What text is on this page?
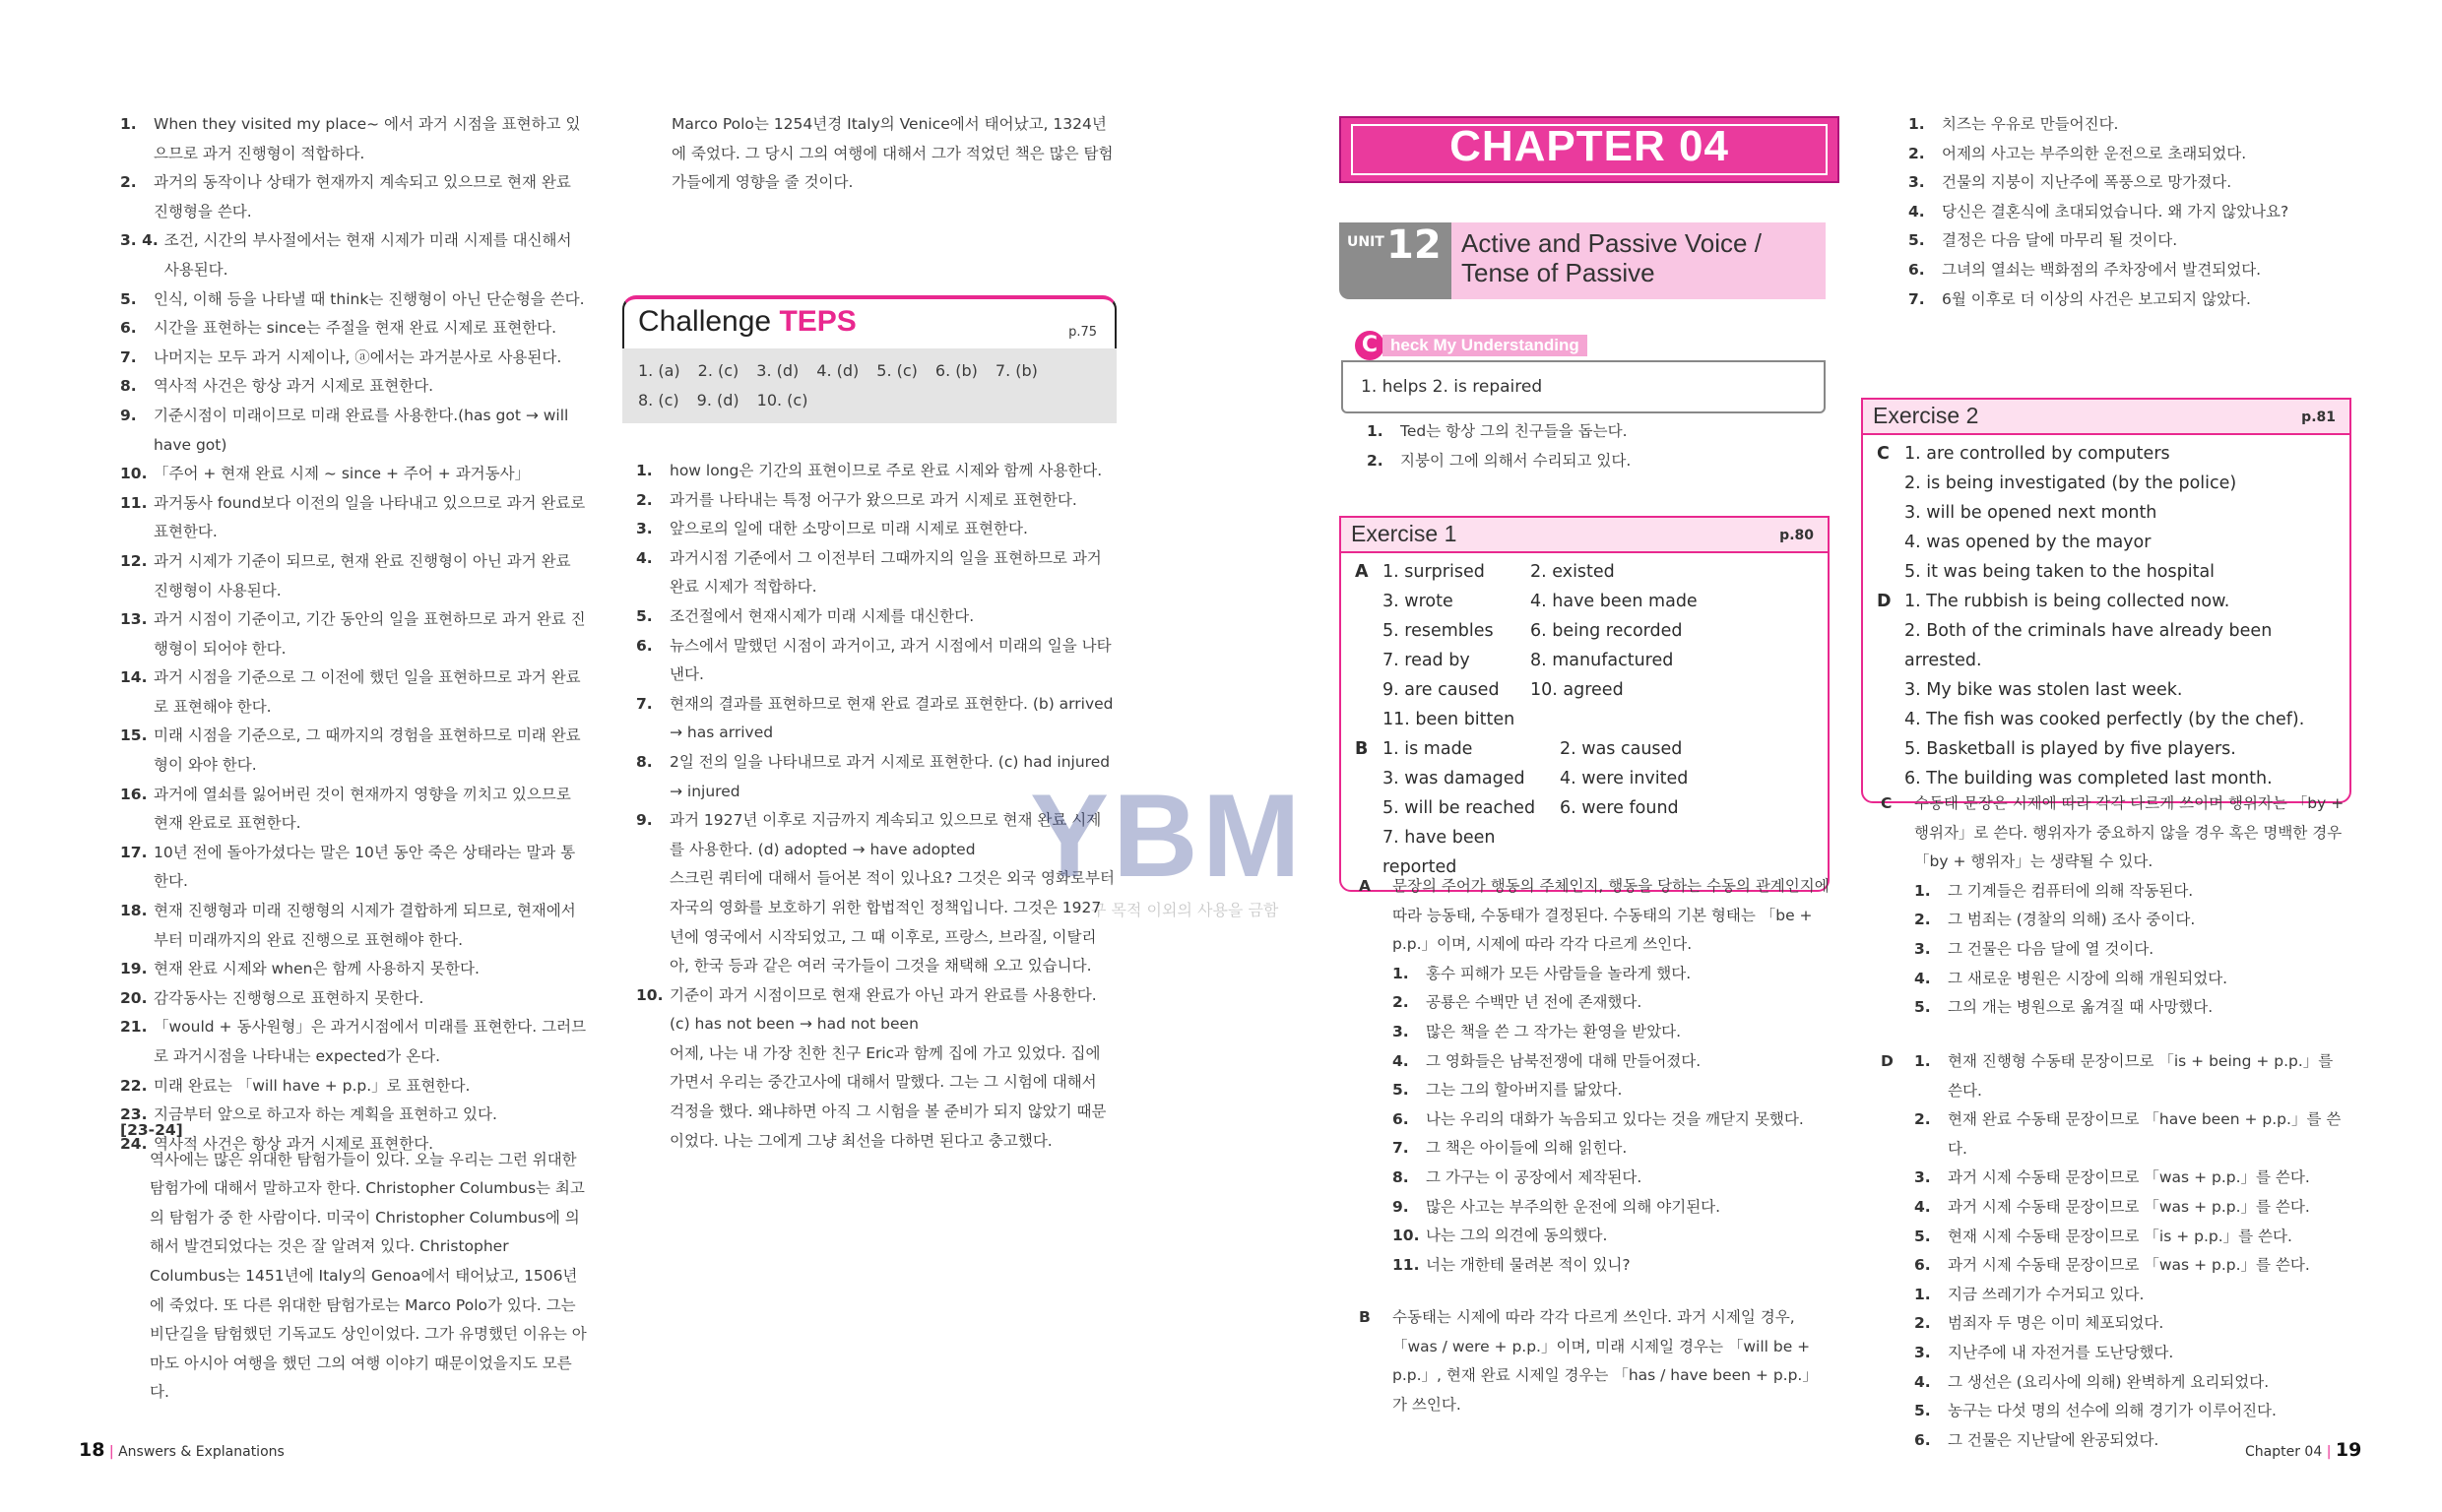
1.	When they visited my place~ 에서 과거 시점을 표현하고 있으므로 과거 진행형이 적합하다.
2.	과거의 동작이나 상태가 현재까지 계속되고 있으므로 현재 완료 진행형을 쓴다.
3. 4. 조건, 시간의 부사절에서는 현재 시제가 미래 시제를 대신해서 사용된다.
5.	인식, 이해 등을 나타낼 때 think는 진행형이 아닌 단순형을 쓴다.
6.	시간을 표현하는 since는 주절을 현재 완료 시제로 표현한다.
7.	나머지는 모두 과거 시제이나, ⓐ에서는 과거분사로 사용된다.
8.	역사적 사건은 항상 과거 시제로 표현한다.
9.	기준시점이 미래이므로 미래 완료를 사용한다.(has got → will have got)
10. 「주어 + 현재 완료 시제 ~ since + 주어 + 과거동사」
11. 과거동사 found보다 이전의 일을 나타내고 있으므로 과거 완료로 표현한다.
12. 과거 시제가 기준이 되므로, 현재 완료 진행형이 아닌 과거 완료 진행형이 사용된다.
13. 과거 시점이 기준이고, 기간 동안의 일을 표현하므로 과거 완료 진행형이 되어야 한다.
14. 과거 시점을 기준으로 그 이전에 했던 일을 표현하므로 과거 완료로 표현해야 한다.
15. 미래 시점을 기준으로, 그 때까지의 경험을 표현하므로 미래 완료형이 와야 한다.
16. 과거에 열쇠를 잃어버린 것이 현재까지 영향을 끼치고 있으므로 현재 완료로 표현한다.
17. 10년 전에 돌아가셨다는 말은 10년 동안 죽은 상태라는 말과 통한다.
18. 현재 진행형과 미래 진행형의 시제가 결합하게 되므로, 현재에서부터 미래까지의 완료 진행으로 표현해야 한다.
19. 현재 완료 시제와 when은 함께 사용하지 못한다.
20. 감각동사는 진행형으로 표현하지 못한다.
21. 「would + 동사원형」은 과거시점에서 미래를 표현한다. 그러므로 과거시점을 나타내는 expected가 온다.
22. 미래 완료는 「will have + p.p.」로 표현한다.
23. 지금부터 앞으로 하고자 하는 계획을 표현하고 있다.
24. 역사적 사건은 항상 과거 시제로 표현한다.
[23-24]
역사에는 많은 위대한 탐험가들이 있다. 오늘 우리는 그런 위대한 탐험가에 대해서 말하고자 한다. Christopher Columbus는 최고의 탐험가 중 한 사람이다. 미국이 Christopher Columbus에 의해서 발견되었다는 것은 잘 알려져 있다. Christopher Columbus는 1451년에 Italy의 Genoa에서 태어났고, 1506년에 죽었다. 또 다른 위대한 탐험가로는 Marco Polo가 있다. 그는 비단길을 탐험했던 기독교도 상인이었다. 그가 유명했던 이유는 아마도 아시아 여행을 했던 그의 여행 이야기 때문이었을지도 모른다.
Marco Polo는 1254년경 Italy의 Venice에서 태어났고, 1324년에 죽었다. 그 당시 그의 여행에 대해서 그가 적었던 책은 많은 탐험가들에게 영향을 줄 것이다.
Challenge TEPS	p.75
1. (a) 2. (c) 3. (d) 4. (d) 5. (c) 6. (b) 7. (b)
8. (c) 9. (d) 10. (c)
1.	how long은 기간의 표현이므로 주로 완료 시제와 함께 사용한다.
2.	과거를 나타내는 특정 어구가 왔으므로 과거 시제로 표현한다.
3.	앞으로의 일에 대한 소망이므로 미래 시제로 표현한다.
4.	과거시점 기준에서 그 이전부터 그때까지의 일을 표현하므로 과거 완료 시제가 적합하다.
5.	조건절에서 현재시제가 미래 시제를 대신한다.
6.	뉴스에서 말했던 시점이 과거이고, 과거 시점에서 미래의 일을 나타낸다.
7.	현재의 결과를 표현하므로 현재 완료 결과로 표현한다. (b) arrived → has arrived
8.	2일 전의 일을 나타내므로 과거 시제로 표현한다. (c) had injured → injured
9.	과거 1927년 이후로 지금까지 계속되고 있으므로 현재 완료 시제를 사용한다. (d) adopted → have adopted
스크린 쿼터에 대해서 들어본 적이 있나요? 그것은 외국 영화로부터 자국의 영화를 보호하기 위한 합법적인 정책입니다. 그것은 1927년에 영국에서 시작되었고, 그 때 이후로, 프랑스, 브라질, 이탈리아, 한국 등과 같은 여러 국가들이 그것을 채택해 오고 있습니다.
10. 기준이 과거 시점이므로 현재 완료가 아닌 과거 완료를 사용한다. (c) has not been → had not been
어제, 나는 내 가장 친한 친구 Eric과 함께 집에 가고 있었다. 집에 가면서 우리는 중간고사에 대해서 말했다. 그는 그 시험에 대해서 걱정을 했다. 왜냐하면 아직 그 시험을 볼 준비가 되지 않았기 때문이었다. 나는 그에게 그냥 최선을 다하면 된다고 충고했다.
18 | Answers & Explanations
CHAPTER 04
UNIT 12 Active and Passive Voice / Tense of Passive
C heck My Understanding
1. helps 2. is repaired
1.	Ted는 항상 그의 친구들을 돕는다.
2.	지붕이 그에 의해서 수리되고 있다.
Exercise 1	p.80
A 1. surprised	2. existed
3. wrote	4. have been made
5. resembles	6. being recorded
7. read by	8. manufactured
9. are caused	10. agreed
11. been bitten
B 1. is made	2. was caused
3. was damaged	4. were invited
5. will be reached	6. were found
7. have been reported
A	문장의 주어가 행동의 주체인지, 행동을 당하는 수동의 관계인지에 따라 능동태, 수동태가 결정된다. 수동태의 기본 형태는 「be + p.p.」이며, 시제에 따라 각각 다르게 쓰인다.
1.	홍수 피해가 모든 사람들을 놀라게 했다.
2.	공룡은 수백만 년 전에 존재했다.
3.	많은 책을 쓴 그 작가는 환영을 받았다.
4.	그 영화들은 남북전쟁에 대해 만들어졌다.
5.	그는 그의 할아버지를 닮았다.
6.	나는 우리의 대화가 녹음되고 있다는 것을 깨닫지 못했다.
7.	그 책은 아이들에 의해 읽힌다.
8.	그 가구는 이 공장에서 제작된다.
9.	많은 사고는 부주의한 운전에 의해 야기된다.
10. 나는 그의 의견에 동의했다.
11. 너는 개한테 물려본 적이 있니?
B	수동태는 시제에 따라 각각 다르게 쓰인다. 과거 시제일 경우, 「was / were + p.p.」이며, 미래 시제일 경우는 「will be + p.p.」, 현재 완료 시제일 경우는 「has / have been + p.p.」가 쓰인다.
1.	치즈는 우유로 만들어진다.
2.	어제의 사고는 부주의한 운전으로 초래되었다.
3.	건물의 지붕이 지난주에 폭풍으로 망가졌다.
4.	당신은 결혼식에 초대되었습니다. 왜 가지 않았나요?
5.	결정은 다음 달에 마무리 될 것이다.
6.	그녀의 열쇠는 백화점의 주차장에서 발견되었다.
7.	6월 이후로 더 이상의 사건은 보고되지 않았다.
Exercise 2	p.81
C 1. are controlled by computers
2. is being investigated (by the police)
3. will be opened next month
4. was opened by the mayor
5. it was being taken to the hospital
D 1. The rubbish is being collected now.
2. Both of the criminals have already been arrested.
3. My bike was stolen last week.
4. The fish was cooked perfectly (by the chef).
5. Basketball is played by five players.
6. The building was completed last month.
C	수동태 문장은 시제에 따라 각각 다르게 쓰이며 행위자는 「by + 행위자」로 쓴다. 행위자가 중요하지 않을 경우 혹은 명백한 경우 「by + 행위자」는 생략될 수 있다.
1.	그 기계들은 컴퓨터에 의해 작동된다.
2.	그 범죄는 (경찰의 의해) 조사 중이다.
3.	그 건물은 다음 달에 열 것이다.
4.	그 새로운 병원은 시장에 의해 개원되었다.
5.	그의 개는 병원으로 옮겨질 때 사망했다.
D	1.	현재 진행형 수동태 문장이므로 「is + being + p.p.」를 쓴다.
2.	현재 완료 수동태 문장이므로 「have been + p.p.」를 쓴다.
3.	과거 시제 수동태 문장이므로 「was + p.p.」를 쓴다.
4.	과거 시제 수동태 문장이므로 「was + p.p.」를 쓴다.
5.	현재 시제 수동태 문장이므로 「is + p.p.」를 쓴다.
6.	과거 시제 수동태 문장이므로 「was + p.p.」를 쓴다.
1.	지금 쓰레기가 수거되고 있다.
2.	범죄자 두 명은 이미 체포되었다.
3.	지난주에 내 자전거를 도난당했다.
4.	그 생선은 (요리사에 의해) 완벽하게 요리되었다.
5.	농구는 다섯 명의 선수에 의해 경기가 이루어진다.
6.	그 건물은 지난달에 완공되었다.
Chapter 04 | 19
YBM
구 목적 이외의 사용을 금함
